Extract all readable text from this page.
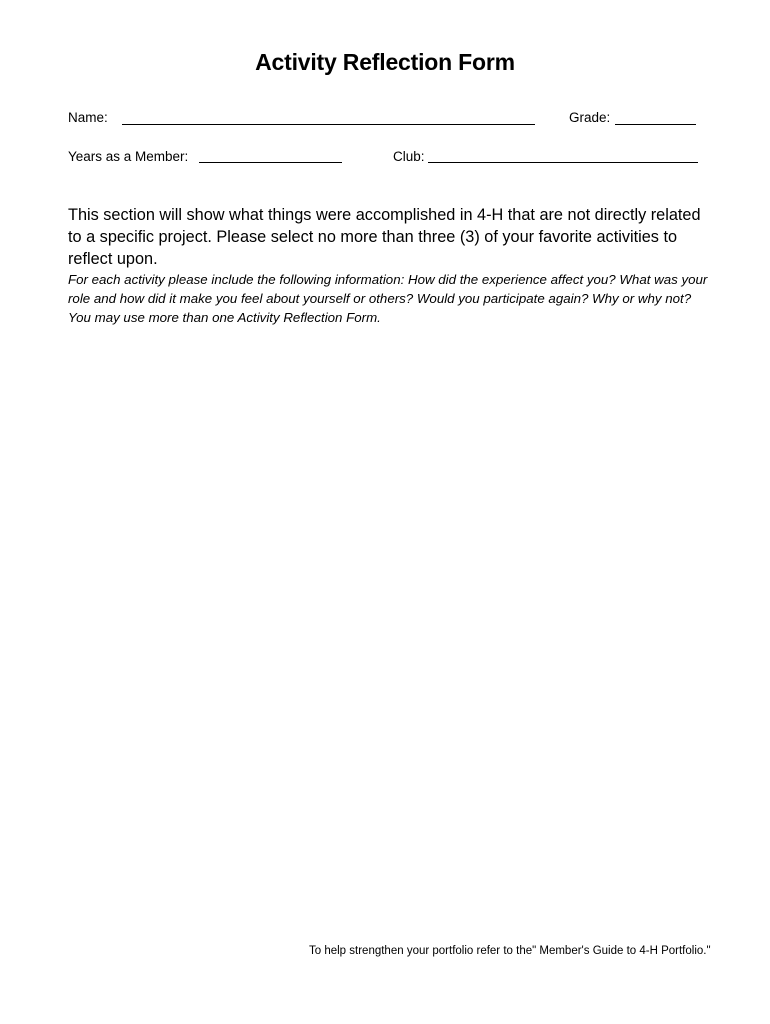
Activity Reflection Form
Name:	Grade:
Years as a Member:	Club:
This section will show what things were accomplished in 4-H that are not directly related to a specific project. Please select no more than three (3) of your favorite activities to reflect upon.
For each activity please include the following information: How did the experience affect you? What was your role and how did it make you feel about yourself or others? Would you participate again? Why or why not? You may use more than one Activity Reflection Form.
To help strengthen your portfolio refer to the" Member's Guide to 4-H Portfolio."
